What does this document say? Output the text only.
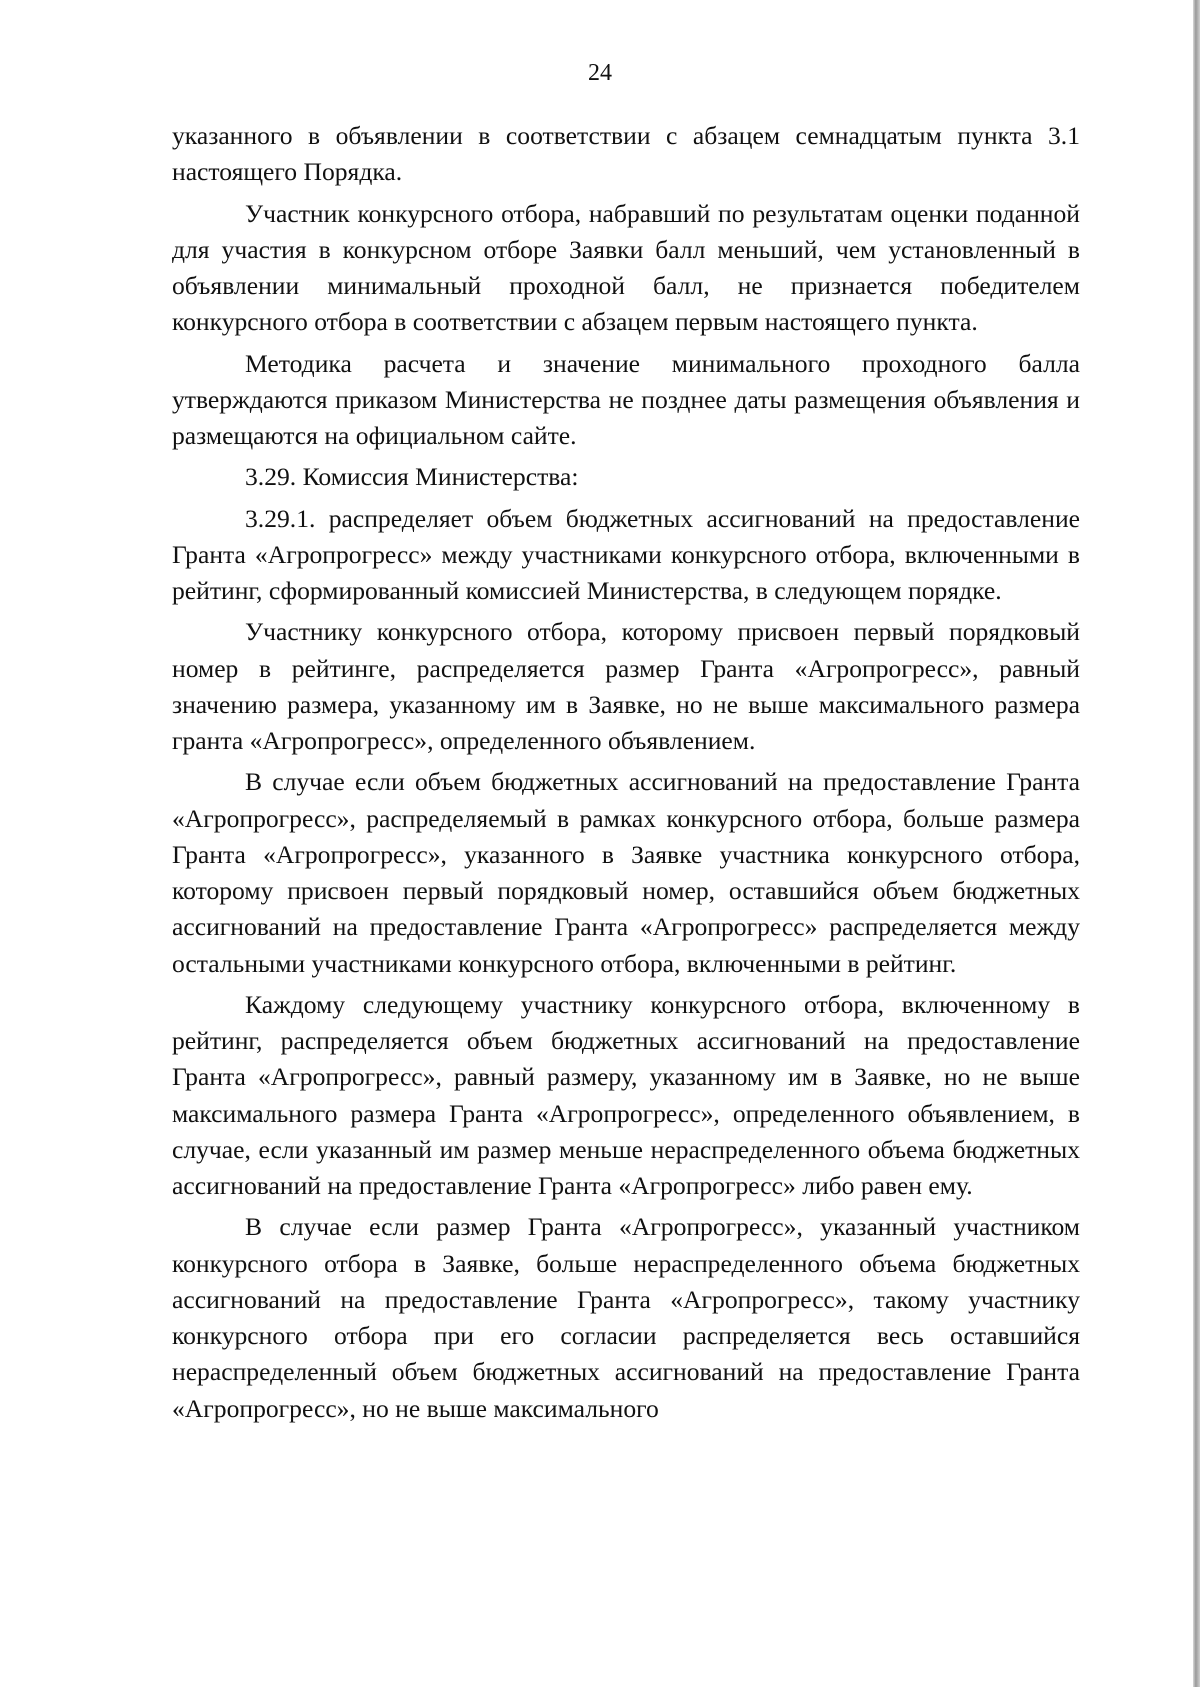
24

указанного в объявлении в соответствии с абзацем семнадцатым пункта 3.1 настоящего Порядка.

Участник конкурсного отбора, набравший по результатам оценки поданной для участия в конкурсном отборе Заявки балл меньший, чем установленный в объявлении минимальный проходной балл, не признается победителем конкурсного отбора в соответствии с абзацем первым настоящего пункта.

Методика расчета и значение минимального проходного балла утверждаются приказом Министерства не позднее даты размещения объявления и размещаются на официальном сайте.

3.29. Комиссия Министерства:

3.29.1. распределяет объем бюджетных ассигнований на предоставление Гранта «Агропрогресс» между участниками конкурсного отбора, включенными в рейтинг, сформированный комиссией Министерства, в следующем порядке.

Участнику конкурсного отбора, которому присвоен первый порядковый номер в рейтинге, распределяется размер Гранта «Агропрогресс», равный значению размера, указанному им в Заявке, но не выше максимального размера гранта «Агропрогресс», определенного объявлением.

В случае если объем бюджетных ассигнований на предоставление Гранта «Агропрогресс», распределяемый в рамках конкурсного отбора, больше размера Гранта «Агропрогресс», указанного в Заявке участника конкурсного отбора, которому присвоен первый порядковый номер, оставшийся объем бюджетных ассигнований на предоставление Гранта «Агропрогресс» распределяется между остальными участниками конкурсного отбора, включенными в рейтинг.

Каждому следующему участнику конкурсного отбора, включенному в рейтинг, распределяется объем бюджетных ассигнований на предоставление Гранта «Агропрогресс», равный размеру, указанному им в Заявке, но не выше максимального размера Гранта «Агропрогресс», определенного объявлением, в случае, если указанный им размер меньше нераспределенного объема бюджетных ассигнований на предоставление Гранта «Агропрогресс» либо равен ему.

В случае если размер Гранта «Агропрогресс», указанный участником конкурсного отбора в Заявке, больше нераспределенного объема бюджетных ассигнований на предоставление Гранта «Агропрогресс», такому участнику конкурсного отбора при его согласии распределяется весь оставшийся нераспределенный объем бюджетных ассигнований на предоставление Гранта «Агропрогресс», но не выше максимального
